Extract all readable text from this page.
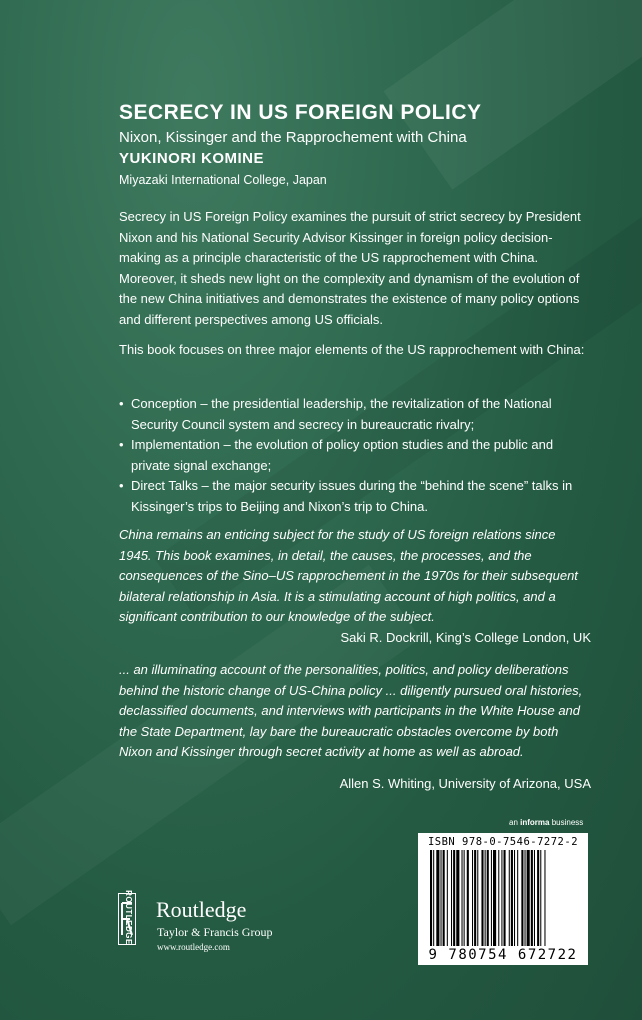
SECRECY IN US FOREIGN POLICY

Nixon, Kissinger and the Rapprochement with China

YUKINORI KOMINE

Miyazaki International College, Japan

Secrecy in US Foreign Policy examines the pursuit of strict secrecy by President Nixon and his National Security Advisor Kissinger in foreign policy decision-making as a principle characteristic of the US rapprochement with China. Moreover, it sheds new light on the complexity and dynamism of the evolution of the new China initiatives and demonstrates the existence of many policy options and different perspectives among US officials.

This book focuses on three major elements of the US rapprochement with China:

• Conception – the presidential leadership, the revitalization of the National Security Council system and secrecy in bureaucratic rivalry;
• Implementation – the evolution of policy option studies and the public and private signal exchange;
• Direct Talks – the major security issues during the “behind the scene” talks in Kissinger’s trips to Beijing and Nixon’s trip to China.

China remains an enticing subject for the study of US foreign relations since 1945. This book examines, in detail, the causes, the processes, and the consequences of the Sino–US rapprochement in the 1970s for their subsequent bilateral relationship in Asia. It is a stimulating account of high politics, and a significant contribution to our knowledge of the subject.

Saki R. Dockrill, King’s College London, UK

... an illuminating account of the personalities, politics, and policy deliberations behind the historic change of US-China policy ... diligently pursued oral histories, declassified documents, and interviews with participants in the White House and the State Department, lay bare the bureaucratic obstacles overcome by both Nixon and Kissinger through secret activity at home as well as abroad.

Allen S. Whiting, University of Arizona, USA

an informa business
ISBN 978-0-7546-7272-2
9 780754 672722
ROUTLEDGE Routledge
Taylor & Francis Group
www.routledge.com
